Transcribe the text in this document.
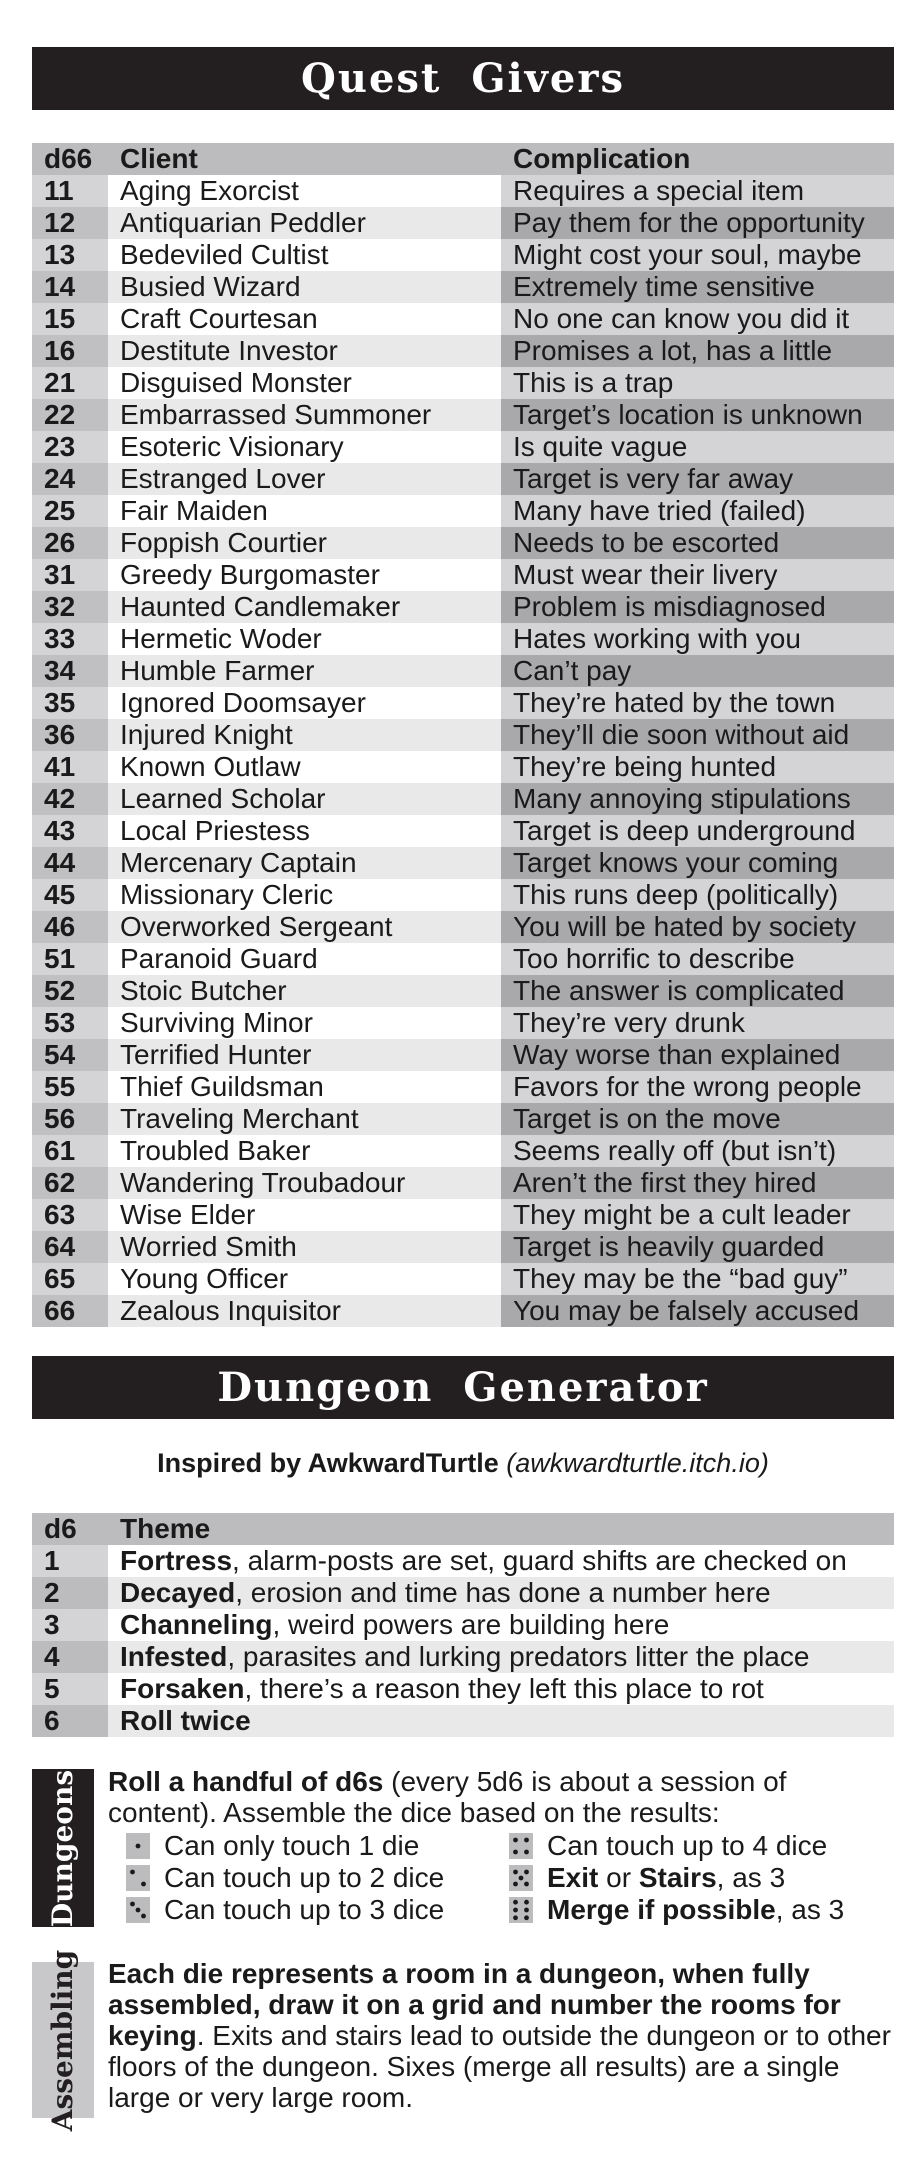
Quest Givers
d66	Client	Complication
11	Aging Exorcist	Requires a special item
12	Antiquarian Peddler	Pay them for the opportunity
13	Bedeviled Cultist	Might cost your soul, maybe
14	Busied Wizard	Extremely time sensitive
15	Craft Courtesan	No one can know you did it
16	Destitute Investor	Promises a lot, has a little
21	Disguised Monster	This is a trap
22	Embarrassed Summoner	Target’s location is unknown
23	Esoteric Visionary	Is quite vague
24	Estranged Lover	Target is very far away
25	Fair Maiden	Many have tried (failed)
26	Foppish Courtier	Needs to be escorted
31	Greedy Burgomaster	Must wear their livery
32	Haunted Candlemaker	Problem is misdiagnosed
33	Hermetic Woder	Hates working with you
34	Humble Farmer	Can’t pay
35	Ignored Doomsayer	They’re hated by the town
36	Injured Knight	They’ll die soon without aid
41	Known Outlaw	They’re being hunted
42	Learned Scholar	Many annoying stipulations
43	Local Priestess	Target is deep underground
44	Mercenary Captain	Target knows your coming
45	Missionary Cleric	This runs deep (politically)
46	Overworked Sergeant	You will be hated by society
51	Paranoid Guard	Too horrific to describe
52	Stoic Butcher	The answer is complicated
53	Surviving Minor	They’re very drunk
54	Terrified Hunter	Way worse than explained
55	Thief Guildsman	Favors for the wrong people
56	Traveling Merchant	Target is on the move
61	Troubled Baker	Seems really off (but isn’t)
62	Wandering Troubadour	Aren’t the first they hired
63	Wise Elder	They might be a cult leader
64	Worried Smith	Target is heavily guarded
65	Young Officer	They may be the “bad guy”
66	Zealous Inquisitor	You may be falsely accused
Dungeon Generator
Inspired by AwkwardTurtle (awkwardturtle.itch.io)
d6	Theme
1	Fortress, alarm-posts are set, guard shifts are checked on
2	Decayed, erosion and time has done a number here
3	Channeling, weird powers are building here
4	Infested, parasites and lurking predators litter the place
5	Forsaken, there’s a reason they left this place to rot
6	Roll twice
Dungeons Roll a handful of d6s (every 5d6 is about a session of content). Assemble the dice based on the results:
Can only touch 1 die	Can touch up to 4 dice
Can touch up to 2 dice	Exit or Stairs, as 3
Can touch up to 3 dice	Merge if possible, as 3
Assembling Each die represents a room in a dungeon, when fully assembled, draw it on a grid and number the rooms for keying. Exits and stairs lead to outside the dungeon or to other floors of the dungeon. Sixes (merge all results) are a single large or very large room.
